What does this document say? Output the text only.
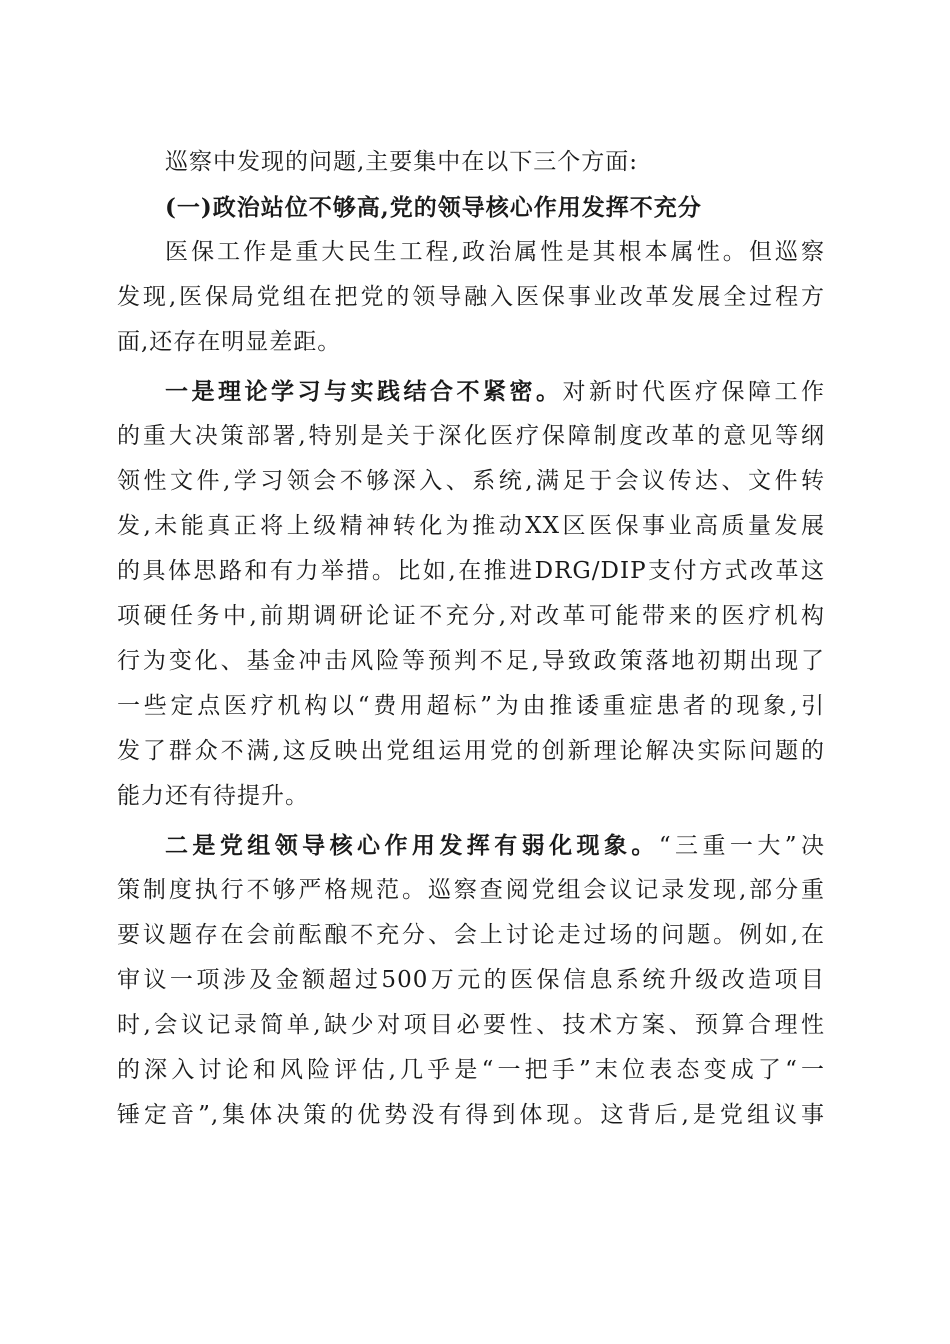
巡察中发现的问题,主要集中在以下三个方面:
(一)政治站位不够高,党的领导核心作用发挥不充分
医保工作是重大民生工程,政治属性是其根本属性。但巡察
发现,医保局党组在把党的领导融入医保事业改革发展全过程方
面,还存在明显差距。
一是理论学习与实践结合不紧密。对新时代医疗保障工作
的重大决策部署,特别是关于深化医疗保障制度改革的意见等纲
领性文件,学习领会不够深入、系统,满足于会议传达、文件转
发,未能真正将上级精神转化为推动XX区医保事业高质量发展
的具体思路和有力举措。比如,在推进DRG/DIP支付方式改革这
项硬任务中,前期调研论证不充分,对改革可能带来的医疗机构
行为变化、基金冲击风险等预判不足,导致政策落地初期出现了
一些定点医疗机构以“费用超标”为由推诿重症患者的现象,引
发了群众不满,这反映出党组运用党的创新理论解决实际问题的
能力还有待提升。
二是党组领导核心作用发挥有弱化现象。“三重一大”决
策制度执行不够严格规范。巡察查阅党组会议记录发现,部分重
要议题存在会前酝酿不充分、会上讨论走过场的问题。例如,在
审议一项涉及金额超过500万元的医保信息系统升级改造项目
时,会议记录简单,缺少对项目必要性、技术方案、预算合理性
的深入讨论和风险评估,几乎是“一把手”末位表态变成了“一
锤定音”,集体决策的优势没有得到体现。这背后,是党组议事
